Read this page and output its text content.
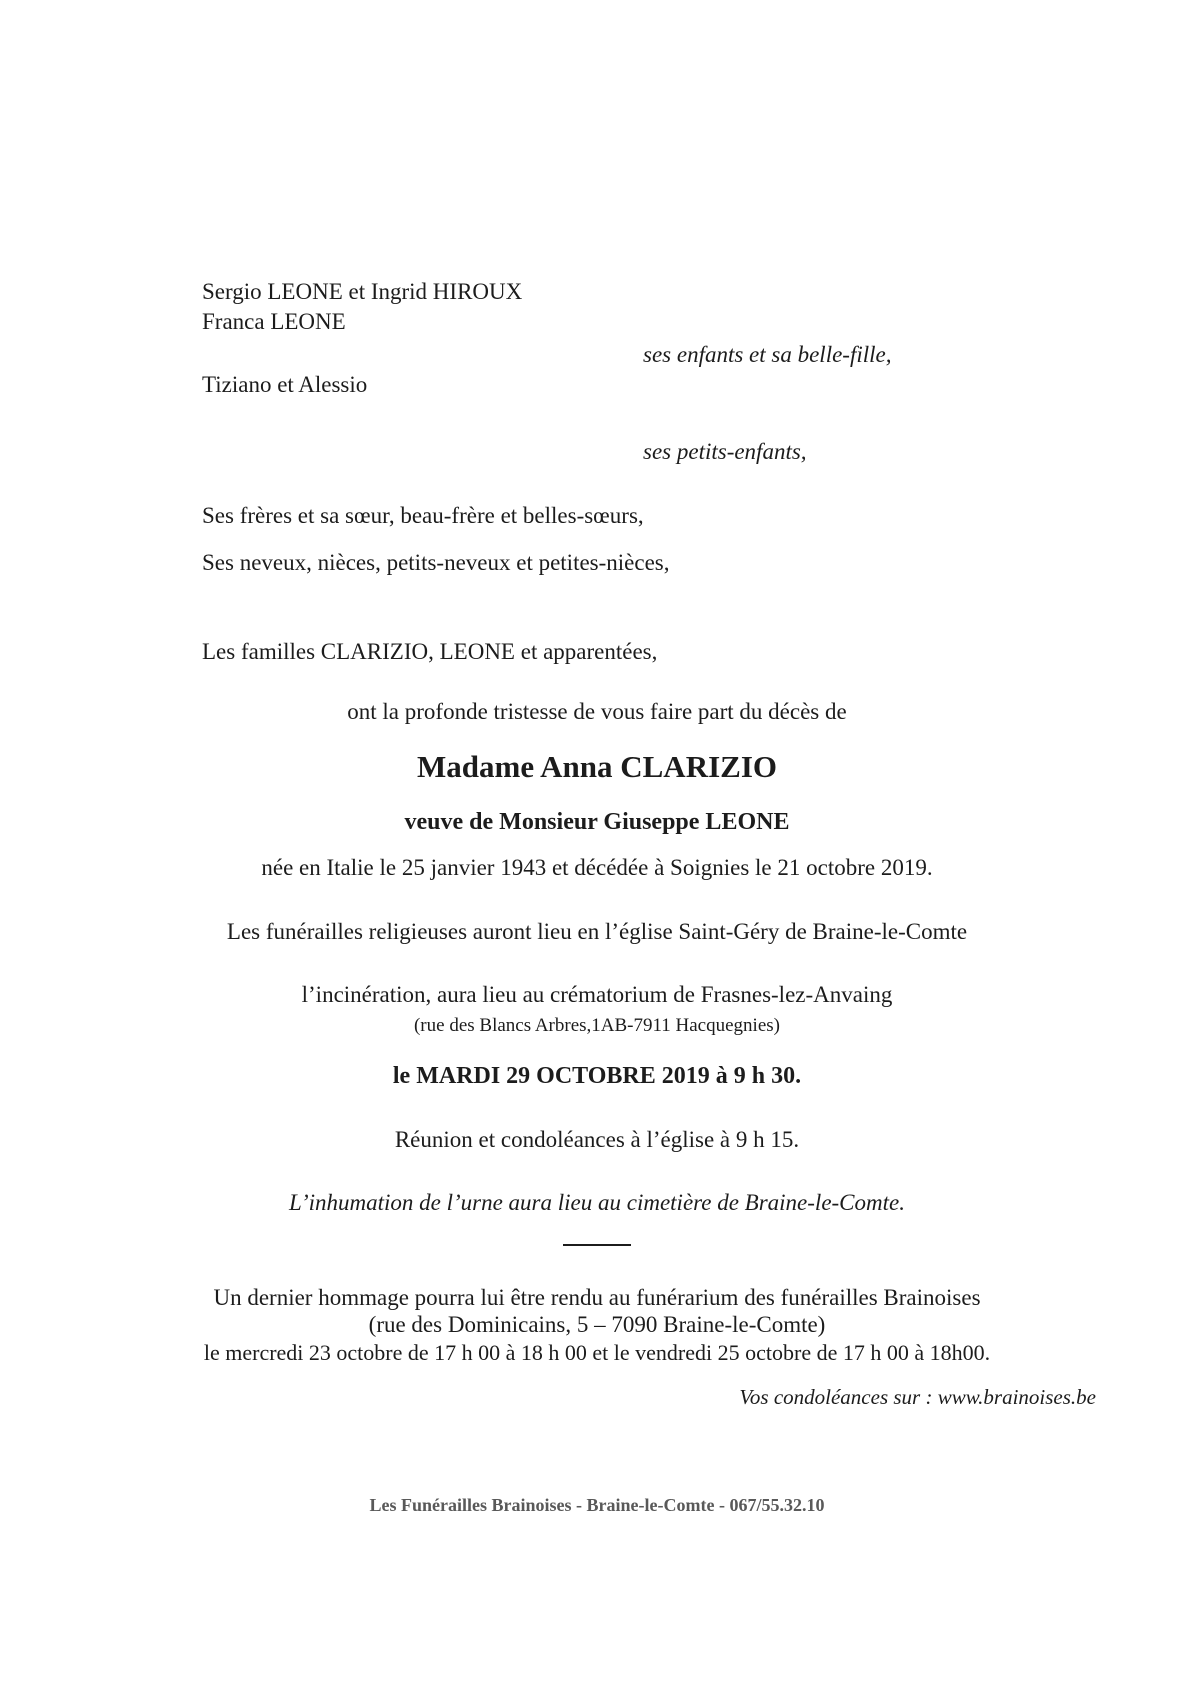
Sergio LEONE et Ingrid HIROUX
Franca LEONE
ses enfants et sa belle-fille,
Tiziano et Alessio
ses petits-enfants,
Ses frères et sa sœur, beau-frère et belles-sœurs,
Ses neveux, nièces, petits-neveux et petites-nièces,
Les familles CLARIZIO, LEONE et apparentées,
ont la profonde tristesse de vous faire part du décès de
Madame Anna CLARIZIO
veuve de Monsieur Giuseppe LEONE
née en Italie le 25 janvier 1943 et décédée à Soignies le 21 octobre 2019.
Les funérailles religieuses auront lieu en l’église Saint-Géry de Braine-le-Comte
l’incinération, aura lieu au crématorium de Frasnes-lez-Anvaing
(rue des Blancs Arbres,1AB-7911 Hacquegnies)
le MARDI 29 OCTOBRE 2019 à 9 h 30.
Réunion et condoléances à l’église à 9 h 15.
L’inhumation de l’urne aura lieu au cimetière de Braine-le-Comte.
Un dernier hommage pourra lui être rendu au funérarium des funérailles Brainoises
(rue des Dominicains, 5 – 7090 Braine-le-Comte)
le mercredi 23 octobre de 17 h 00 à 18 h 00 et le vendredi 25 octobre de 17 h 00 à 18h00.
Vos condoléances sur : www.brainoises.be
Les Funérailles Brainoises - Braine-le-Comte - 067/55.32.10
